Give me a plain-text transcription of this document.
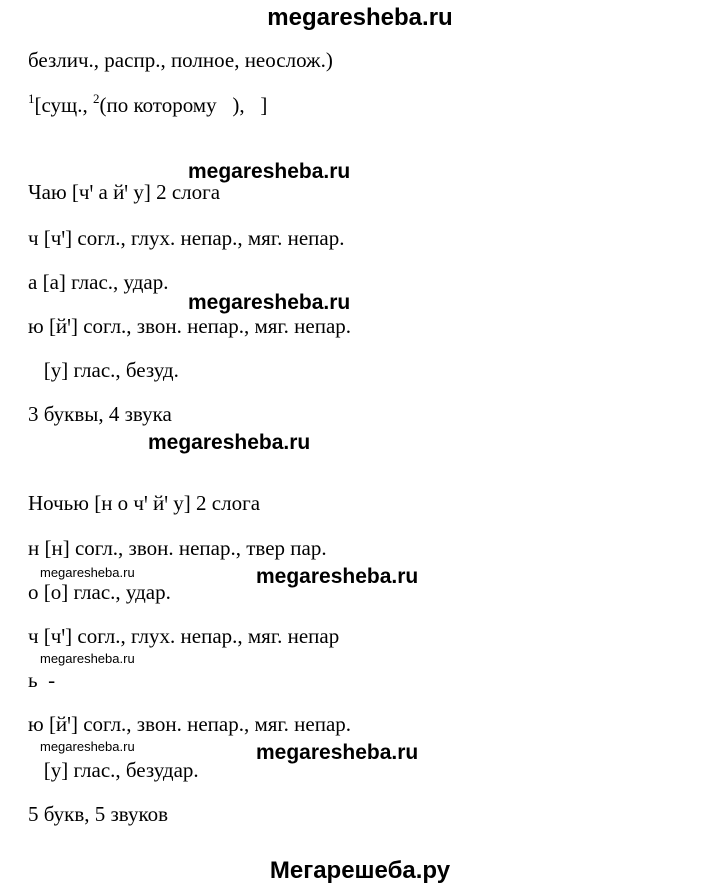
megaresheba.ru
безлич., распр., полное, неослож.)
$^1$[сущ., $^2$(по которому   ),   ]
Чаю [чꞌ а йꞌ у] 2 слога
ч [чꞌ] согл., глух. непар., мяг. непар.
а [а] глас., удар.
ю [йꞌ] согл., звон. непар., мяг. непар.
[у] глас., безуд.
3 буквы, 4 звука
Ночью [н о чꞌ йꞌ у] 2 слога
н [н] согл., звон. непар., твер пар.
о [о] глас., удар.
ч [чꞌ] согл., глух. непар., мяг. непар
ь  -
ю [йꞌ] согл., звон. непар., мяг. непар.
[у] глас., безудар.
5 букв, 5 звуков
megaresheba.ru
megaresheba.ru
megaresheba.ru
megaresheba.ru
megaresheba.ru
megaresheba.ru
megaresheba.ru
megaresheba.ru
Мегарешеба.ру
